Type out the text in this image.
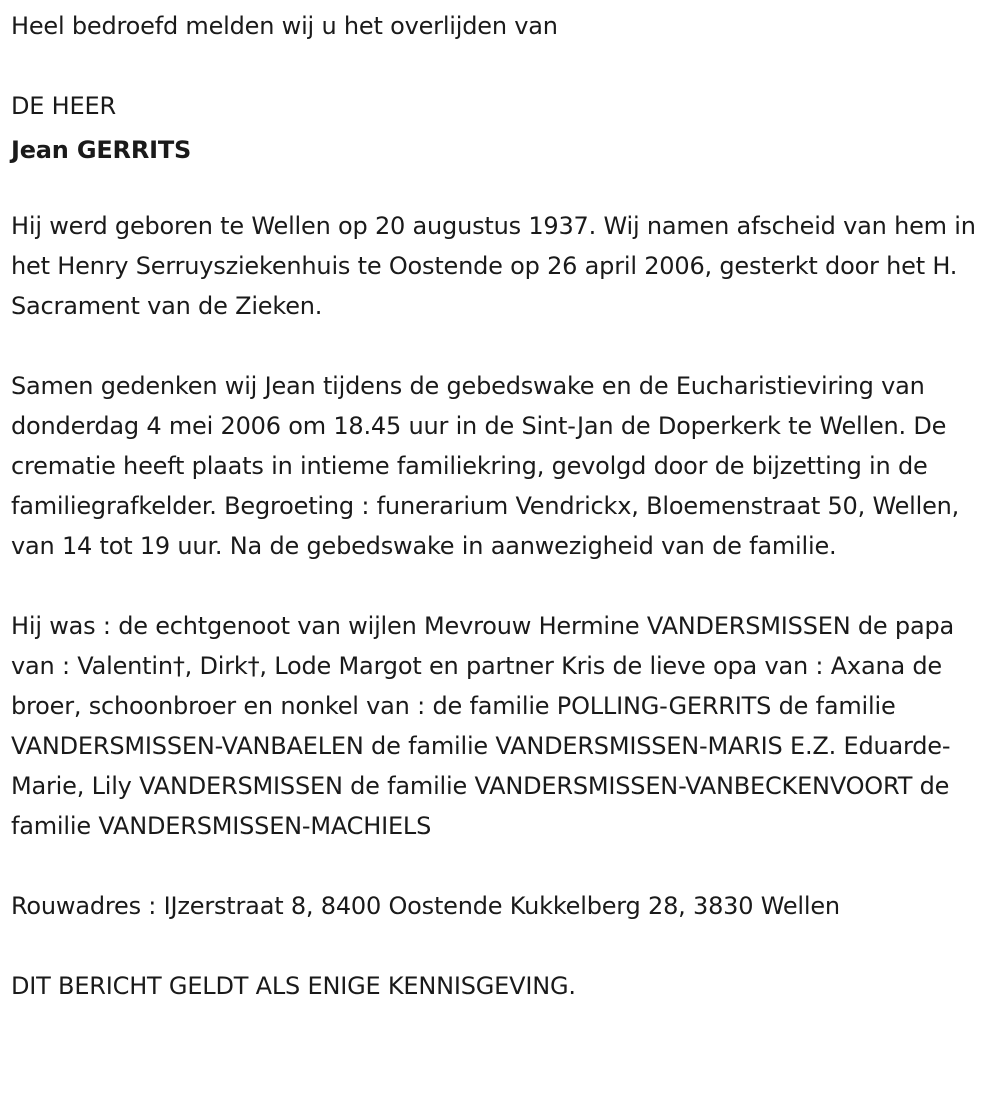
Heel bedroefd melden wij u het overlijden van

DE HEER

Jean GERRITS

Hij werd geboren te Wellen op 20 augustus 1937. Wij namen afscheid van hem in het Henry Serruysziekenhuis te Oostende op 26 april 2006, gesterkt door het H. Sacrament van de Zieken.

Samen gedenken wij Jean tijdens de gebedswake en de Eucharistieviring van donderdag 4 mei 2006 om 18.45 uur in de Sint-Jan de Doperkerk te Wellen. De crematie heeft plaats in intieme familiekring, gevolgd door de bijzetting in de familiegrafkelder. Begroeting : funerarium Vendrickx, Bloemenstraat 50, Wellen, van 14 tot 19 uur. Na de gebedswake in aanwezigheid van de familie.

Hij was : de echtgenoot van wijlen Mevrouw Hermine VANDERSMISSEN de papa van : Valentin†, Dirk†, Lode Margot en partner Kris de lieve opa van : Axana de broer, schoonbroer en nonkel van : de familie POLLING-GERRITS de familie VANDERSMISSEN-VANBAELEN de familie VANDERSMISSEN-MARIS E.Z. Eduarde-Marie, Lily VANDERSMISSEN de familie VANDERSMISSEN-VANBECKENVOORT de familie VANDERSMISSEN-MACHIELS

Rouwadres : IJzerstraat 8, 8400 Oostende Kukkelberg 28, 3830 Wellen

DIT BERICHT GELDT ALS ENIGE KENNISGEVING.
